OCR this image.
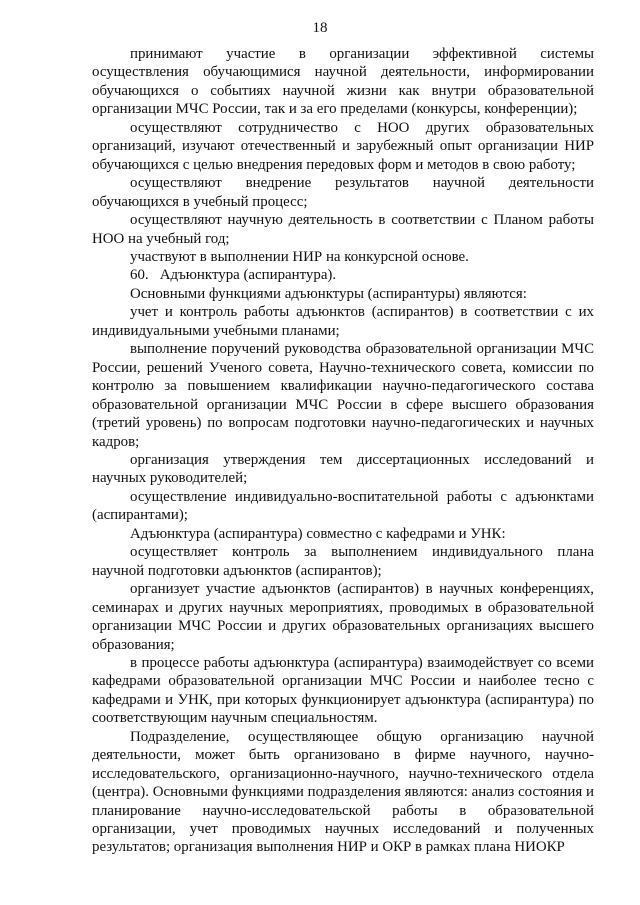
18

принимают участие в организации эффективной системы осуществления обучающимися научной деятельности, информировании обучающихся о событиях научной жизни как внутри образовательной организации МЧС России, так и за его пределами (конкурсы, конференции);

осуществляют сотрудничество с НОО других образовательных организаций, изучают отечественный и зарубежный опыт организации НИР обучающихся с целью внедрения передовых форм и методов в свою работу;

осуществляют внедрение результатов научной деятельности обучающихся в учебный процесс;

осуществляют научную деятельность в соответствии с Планом работы НОО на учебный год;

участвуют в выполнении НИР на конкурсной основе.

60.   Адъюнктура (аспирантура).

Основными функциями адъюнктуры (аспирантуры) являются:

учет и контроль работы адъюнктов (аспирантов) в соответствии с их индивидуальными учебными планами;

выполнение поручений руководства образовательной организации МЧС России, решений Ученого совета, Научно-технического совета, комиссии по контролю за повышением квалификации научно-педагогического состава образовательной организации МЧС России в сфере высшего образования (третий уровень) по вопросам подготовки научно-педагогических и научных кадров;

организация утверждения тем диссертационных исследований и научных руководителей;

осуществление индивидуально-воспитательной работы с адъюнктами (аспирантами);

Адъюнктура (аспирантура) совместно с кафедрами и УНК:

осуществляет контроль за выполнением индивидуального плана научной подготовки адъюнктов (аспирантов);

организует участие адъюнктов (аспирантов) в научных конференциях, семинарах и других научных мероприятиях, проводимых в образовательной организации МЧС России и других образовательных организациях высшего образования;

в процессе работы адъюнктура (аспирантура) взаимодействует со всеми кафедрами образовательной организации МЧС России и наиболее тесно с кафедрами и УНК, при которых функционирует адъюнктура (аспирантура) по соответствующим научным специальностям.

Подразделение, осуществляющее общую организацию научной деятельности, может быть организовано в фирме научного, научно-исследовательского, организационно-научного, научно-технического отдела (центра). Основными функциями подразделения являются: анализ состояния и планирование научно-исследовательской работы в образовательной организации, учет проводимых научных исследований и полученных результатов; организация выполнения НИР и ОКР в рамках плана НИОКР
